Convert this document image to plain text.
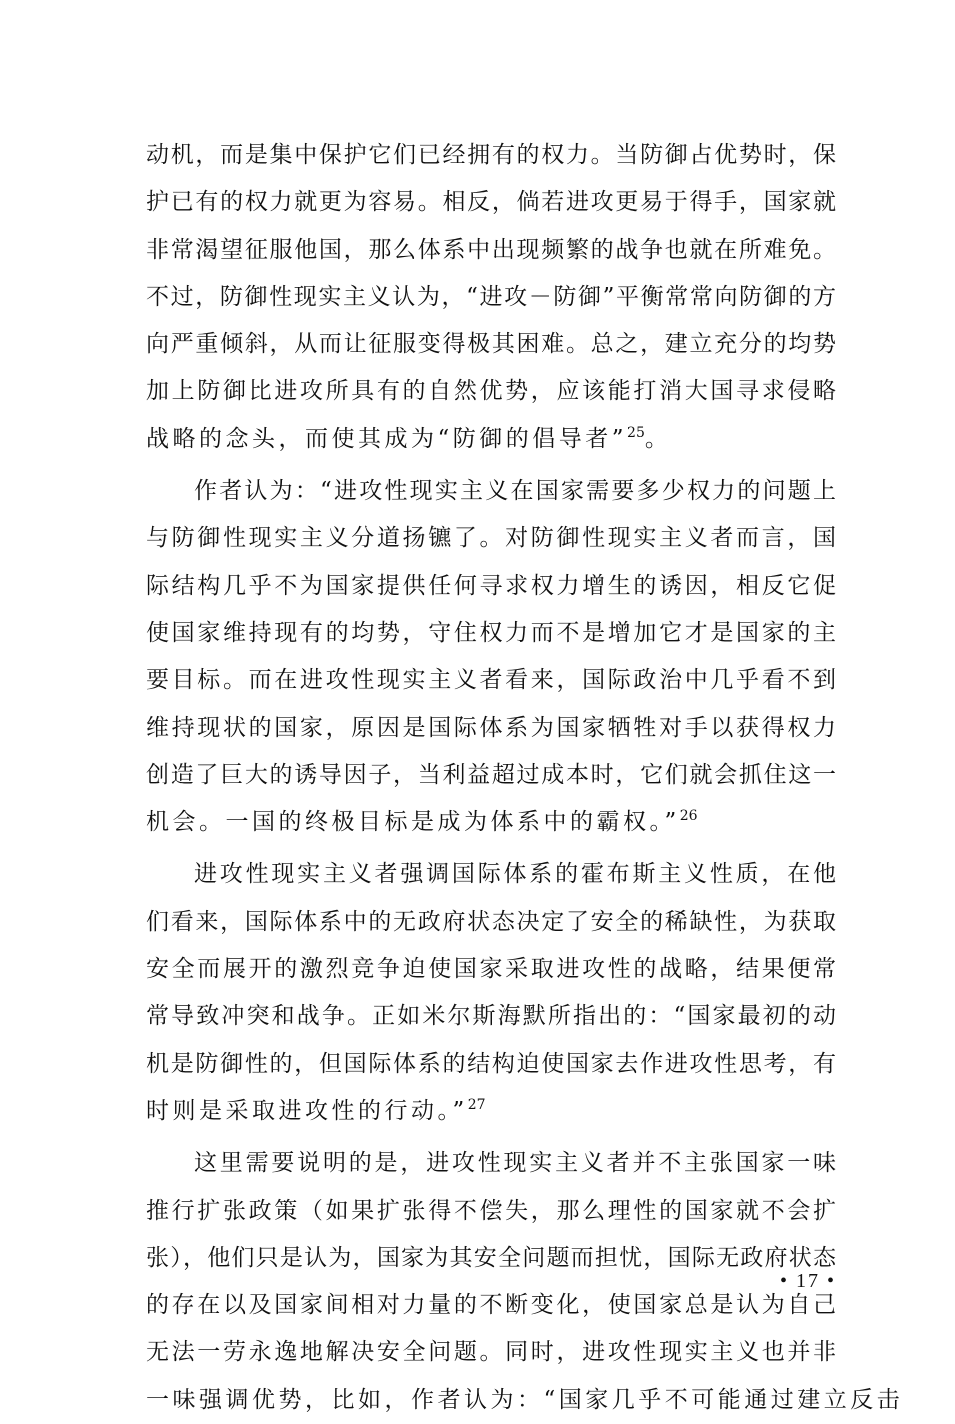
动机，而是集中保护它们已经拥有的权力。当防御占优势时，保
护已有的权力就更为容易。相反，倘若进攻更易于得手，国家就
非常渴望征服他国，那么体系中出现频繁的战争也就在所难免。
不过，防御性现实主义认为，“进攻－防御”平衡常常向防御的方
向严重倾斜，从而让征服变得极其困难。总之，建立充分的均势
加上防御比进攻所具有的自然优势，应该能打消大国寻求侵略
战略的念头，而使其成为“防御的倡导者”$^{25}$。
作者认为：“进攻性现实主义在国家需要多少权力的问题上
与防御性现实主义分道扬镳了。对防御性现实主义者而言，国
际结构几乎不为国家提供任何寻求权力增生的诱因，相反它促
使国家维持现有的均势，守住权力而不是增加它才是国家的主
要目标。而在进攻性现实主义者看来，国际政治中几乎看不到
维持现状的国家，原因是国际体系为国家牺牲对手以获得权力
创造了巨大的诱导因子，当利益超过成本时，它们就会抓住这一
机会。一国的终极目标是成为体系中的霸权。”$^{26}$
进攻性现实主义者强调国际体系的霍布斯主义性质，在他
们看来，国际体系中的无政府状态决定了安全的稀缺性，为获取
安全而展开的激烈竞争迫使国家采取进攻性的战略，结果便常
常导致冲突和战争。正如米尔斯海默所指出的：“国家最初的动
机是防御性的，但国际体系的结构迫使国家去作进攻性思考，有
时则是采取进攻性的行动。”$^{27}$
这里需要说明的是，进攻性现实主义者并不主张国家一味
推行扩张政策（如果扩张得不偿失，那么理性的国家就不会扩
张），他们只是认为，国家为其安全问题而担忧，国际无政府状态
的存在以及国家间相对力量的不断变化，使国家总是认为自己
无法一劳永逸地解决安全问题。同时，进攻性现实主义也并非
一味强调优势，比如，作者认为：“国家几乎不可能通过建立反击
• 17 •
